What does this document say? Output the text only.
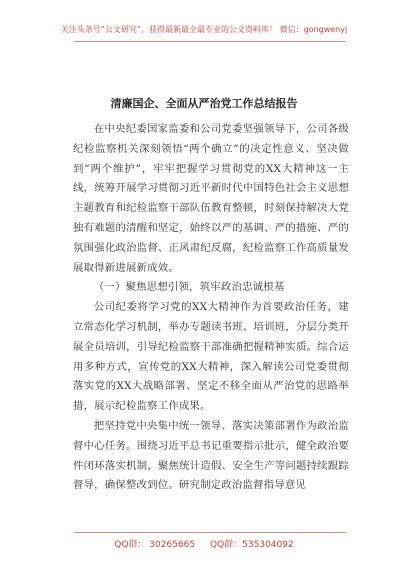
关注头条号“公文研究”，获得最新最全最专业的公文资料库！ 微信：gongwenyj
清廉国企、全面从严治党工作总结报告

在中央纪委国家监委和公司党委坚强领导下，公司各级纪检监察机关深刻领悟“两个确立”的决定性意义、坚决做到“两个维护”，牢牢把握学习贯彻党的XX大精神这一主线，统筹开展学习贯彻习近平新时代中国特色社会主义思想主题教育和纪检监察干部队伍教育整顿，时刻保持解决大党独有难题的清醒和坚定，始终以严的基调、严的措施、严的氛围强化政治监督、正风肃纪反腐，纪检监察工作高质量发展取得新进展新成效。

（一）聚焦思想引领，筑牢政治忠诚根基

公司纪委将学习党的XX大精神作为首要政治任务，建立常态化学习机制，举办专题读书班、培训班，分层分类开展全员培训，引导纪检监察干部准确把握精神实质。综合运用多种方式，宣传党的XX大精神，深入解读公司党委贯彻落实党的XX大战略部署、坚定不移全面从严治党的思路举措，展示纪检监察工作成果。

把坚持党中央集中统一领导、落实决策部署作为政治监督中心任务。围绕习近平总书记重要指示批示，健全政治要件闭环落实机制，聚焦统计造假、安全生产等问题持续跟踪督导，确保整改到位。研究制定政治监督指导意见

QQ群： 30265665 QQ群：535304092
